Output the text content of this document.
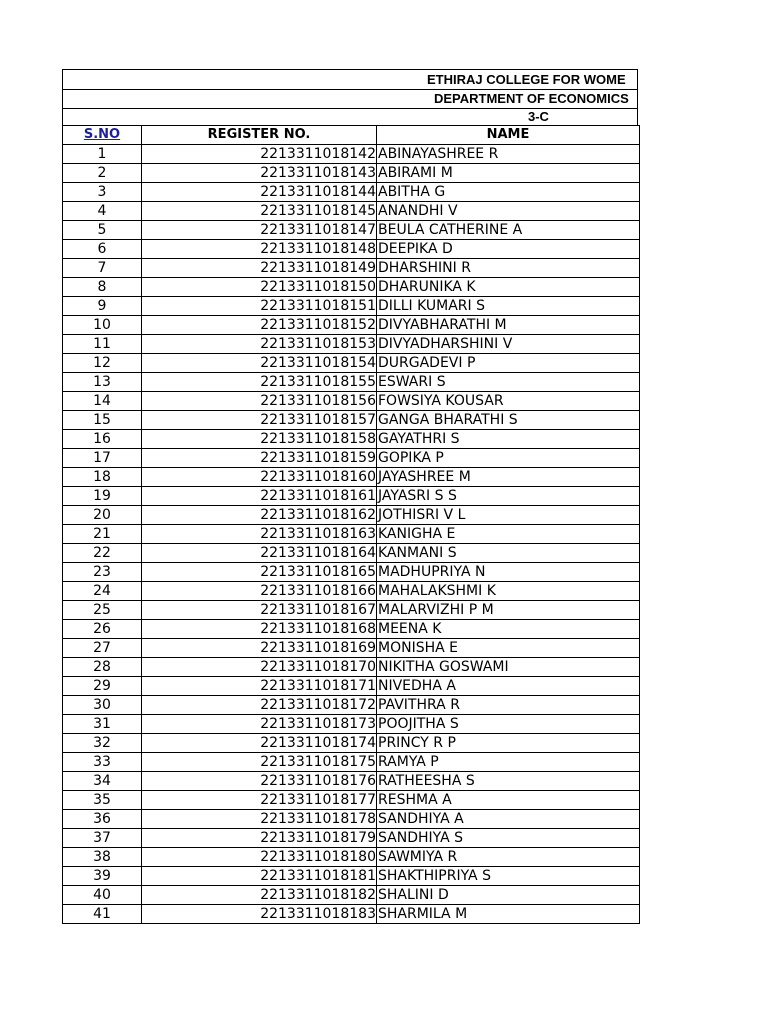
ETHIRAJ COLLEGE FOR WOME
DEPARTMENT OF ECONOMICS
3-C
S.NO	REGISTER NO.	NAME
1	2213311018142	ABINAYASHREE R
2	2213311018143	ABIRAMI M
3	2213311018144	ABITHA G
4	2213311018145	ANANDHI V
5	2213311018147	BEULA CATHERINE A
6	2213311018148	DEEPIKA D
7	2213311018149	DHARSHINI R
8	2213311018150	DHARUNIKA K
9	2213311018151	DILLI KUMARI S
10	2213311018152	DIVYABHARATHI M
11	2213311018153	DIVYADHARSHINI V
12	2213311018154	DURGADEVI P
13	2213311018155	ESWARI S
14	2213311018156	FOWSIYA KOUSAR
15	2213311018157	GANGA BHARATHI S
16	2213311018158	GAYATHRI S
17	2213311018159	GOPIKA P
18	2213311018160	JAYASHREE M
19	2213311018161	JAYASRI S S
20	2213311018162	JOTHISRI V L
21	2213311018163	KANIGHA E
22	2213311018164	KANMANI S
23	2213311018165	MADHUPRIYA N
24	2213311018166	MAHALAKSHMI K
25	2213311018167	MALARVIZHI P M
26	2213311018168	MEENA K
27	2213311018169	MONISHA E
28	2213311018170	NIKITHA GOSWAMI
29	2213311018171	NIVEDHA A
30	2213311018172	PAVITHRA R
31	2213311018173	POOJITHA S
32	2213311018174	PRINCY R P
33	2213311018175	RAMYA P
34	2213311018176	RATHEESHA S
35	2213311018177	RESHMA A
36	2213311018178	SANDHIYA A
37	2213311018179	SANDHIYA S
38	2213311018180	SAWMIYA R
39	2213311018181	SHAKTHIPRIYA S
40	2213311018182	SHALINI D
41	2213311018183	SHARMILA M
